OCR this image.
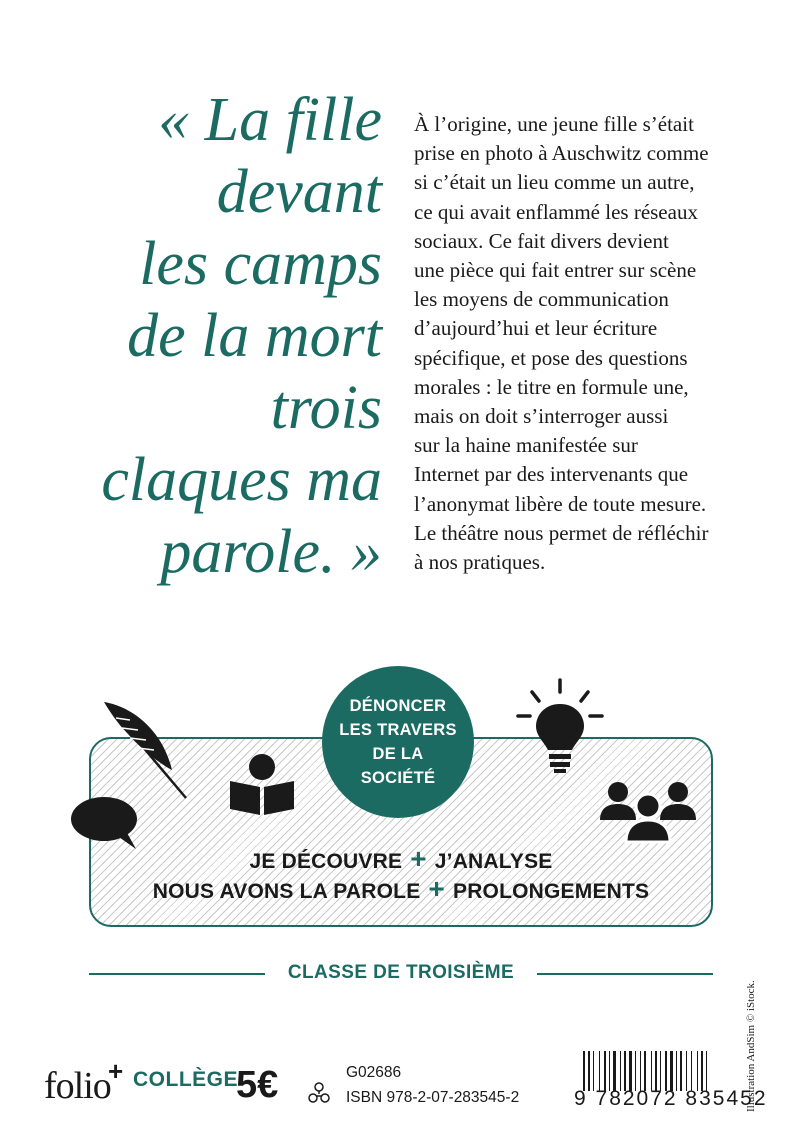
« La fille
devant
les camps
de la mort
trois
claques ma
parole. »
À l’origine, une jeune fille s’était
prise en photo à Auschwitz comme
si c’était un lieu comme un autre,
ce qui avait enflammé les réseaux
sociaux. Ce fait divers devient
une pièce qui fait entrer sur scène
les moyens de communication
d’aujourd’hui et leur écriture
spécifique, et pose des questions
morales : le titre en formule une,
mais on doit s’interroger aussi
sur la haine manifestée sur
Internet par des intervenants que
l’anonymat libère de toute mesure.
Le théâtre nous permet de réfléchir
à nos pratiques.
DÉNONCER
LES TRAVERS
DE LA
SOCIÉTÉ
JE DÉCOUVRE + J’ANALYSE
NOUS AVONS LA PAROLE + PROLONGEMENTS
CLASSE DE TROISIÈME
Illustration AndSim © iStock.
folio
+ COLLÈGE
5€	G02686
ISBN 978-2-07-283545-2	9 782072 835452
